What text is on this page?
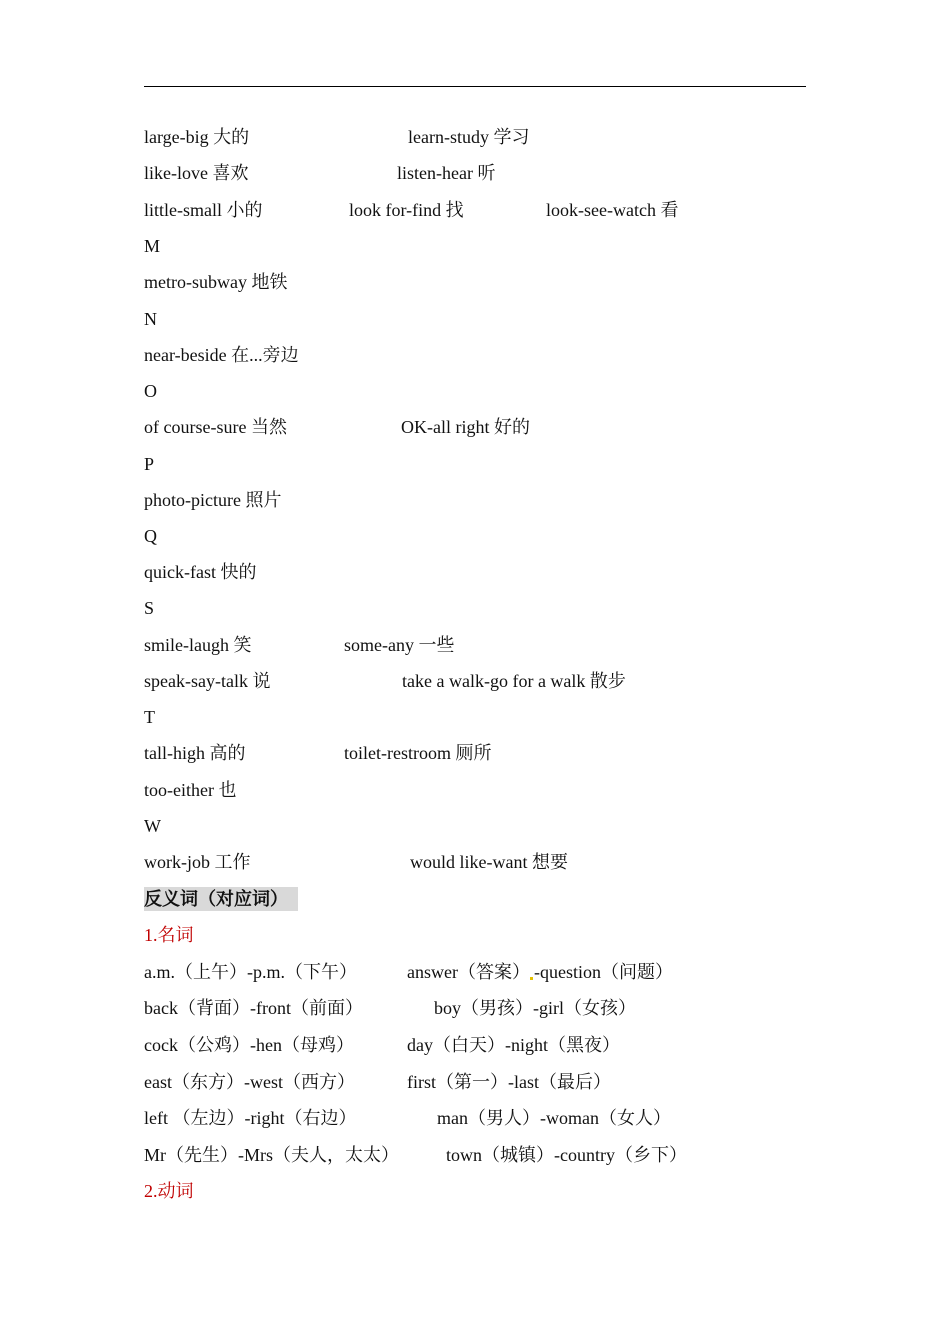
large-big 大的	learn-study 学习
like-love 喜欢	listen-hear 听
little-small 小的	look for-find 找	look-see-watch 看
M
metro-subway 地铁
N
near-beside 在...旁边
O
of course-sure 当然	OK-all right 好的
P
photo-picture 照片
Q
quick-fast 快的
S
smile-laugh 笑	some-any 一些
speak-say-talk 说	take a walk-go for a walk 散步
T
tall-high 高的	toilet-restroom 厕所
too-either 也
W
work-job 工作	would like-want 想要
反义词（对应词）
1.名词
a.m.（上午）-p.m.（下午）	answer（答案） -question（问题）
back（背面）-front（前面）	boy（男孩）-girl（女孩）
cock（公鸡）-hen（母鸡）	day（白天）-night（黑夜）
east（东方）-west（西方）	first（第一）-last（最后）
left （左边）-right（右边）	man（男人）-woman（女人）
Mr（先生）-Mrs（夫人，太太）	town（城镇）-country（乡下）
2.动词
